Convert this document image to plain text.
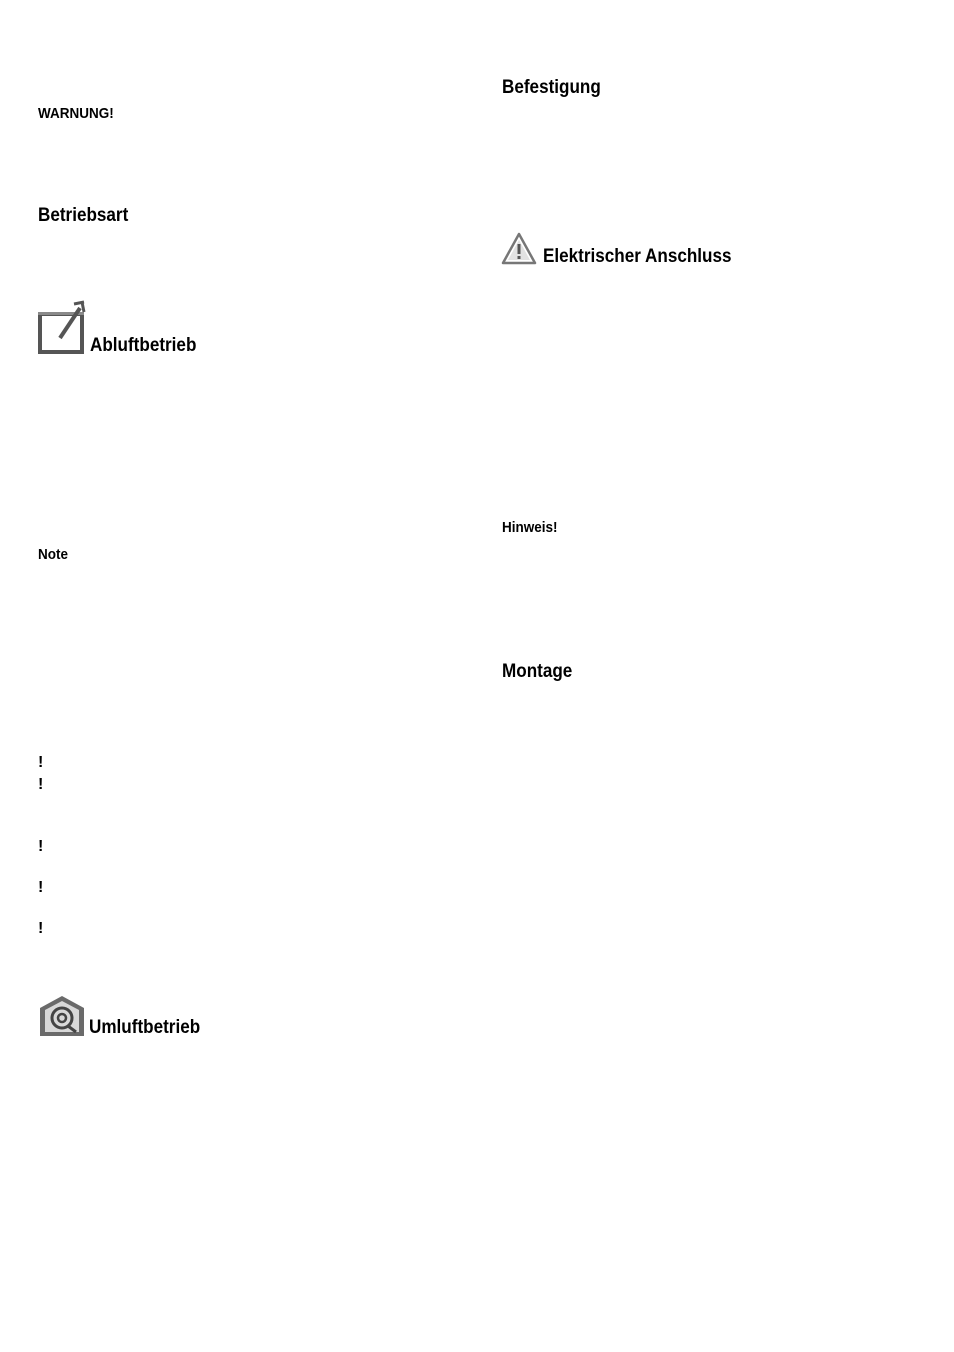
WARNUNG!
Betriebsart
Abluftbetrieb
Note
!
!
!
!
!
Umluftbetrieb
Befestigung
Elektrischer Anschluss
Hinweis!
Montage
